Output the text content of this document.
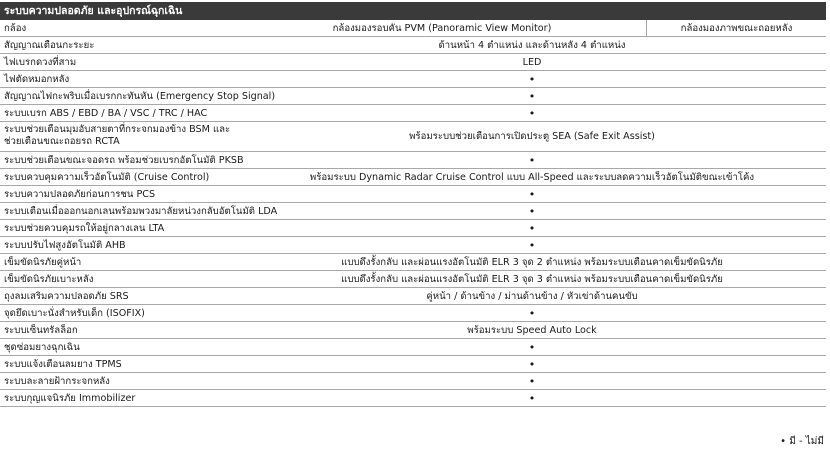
ระบบความปลอดภัย และอุปกรณ์ฉุกเฉิน
กล้อง	กล้องมองรอบคัน PVM (Panoramic View Monitor)	กล้องมองภาพขณะถอยหลัง
สัญญาณเตือนกะระยะ	ด้านหน้า 4 ตำแหน่ง และด้านหลัง 4 ตำแหน่ง
ไฟเบรกดวงที่สาม	LED
ไฟตัดหมอกหลัง	•
สัญญาณไฟกะพริบเมื่อเบรกกะทันหัน (Emergency Stop Signal)	•
ระบบเบรก ABS / EBD / BA / VSC / TRC / HAC	•
ระบบช่วยเตือนมุมอับสายตาที่กระจกมองข้าง BSM และช่วยเตือนขณะถอยรถ RCTA	พร้อมระบบช่วยเตือนการเปิดประตู SEA (Safe Exit Assist)
ระบบช่วยเตือนขณะจอดรถ พร้อมช่วยเบรกอัตโนมัติ PKSB	•
ระบบควบคุมความเร็วอัตโนมัติ (Cruise Control)	พร้อมระบบ Dynamic Radar Cruise Control แบบ All-Speed และระบบลดความเร็วอัตโนมัติขณะเข้าโค้ง
ระบบความปลอดภัยก่อนการชน PCS	•
ระบบเตือนเมื่อออกนอกเลนพร้อมพวงมาลัยหน่วงกลับอัตโนมัติ LDA	•
ระบบช่วยควบคุมรถให้อยู่กลางเลน LTA	•
ระบบปรับไฟสูงอัตโนมัติ AHB	•
เข็มขัดนิรภัยคู่หน้า	แบบดึงรั้งกลับ และผ่อนแรงอัตโนมัติ ELR 3 จุด 2 ตำแหน่ง พร้อมระบบเตือนคาดเข็มขัดนิรภัย
เข็มขัดนิรภัยเบาะหลัง	แบบดึงรั้งกลับ และผ่อนแรงอัตโนมัติ ELR 3 จุด 3 ตำแหน่ง พร้อมระบบเตือนคาดเข็มขัดนิรภัย
ถุงลมเสริมความปลอดภัย SRS	คู่หน้า / ด้านข้าง / ม่านด้านข้าง / หัวเข่าด้านคนขับ
จุดยึดเบาะนั่งสำหรับเด็ก (ISOFIX)	•
ระบบเซ็นทรัลล็อก	พร้อมระบบ Speed Auto Lock
ชุดซ่อมยางฉุกเฉิน	•
ระบบแจ้งเตือนลมยาง TPMS	•
ระบบละลายฝ้ากระจกหลัง	•
ระบบกุญแจนิรภัย Immobilizer	•
• มี - ไม่มี
